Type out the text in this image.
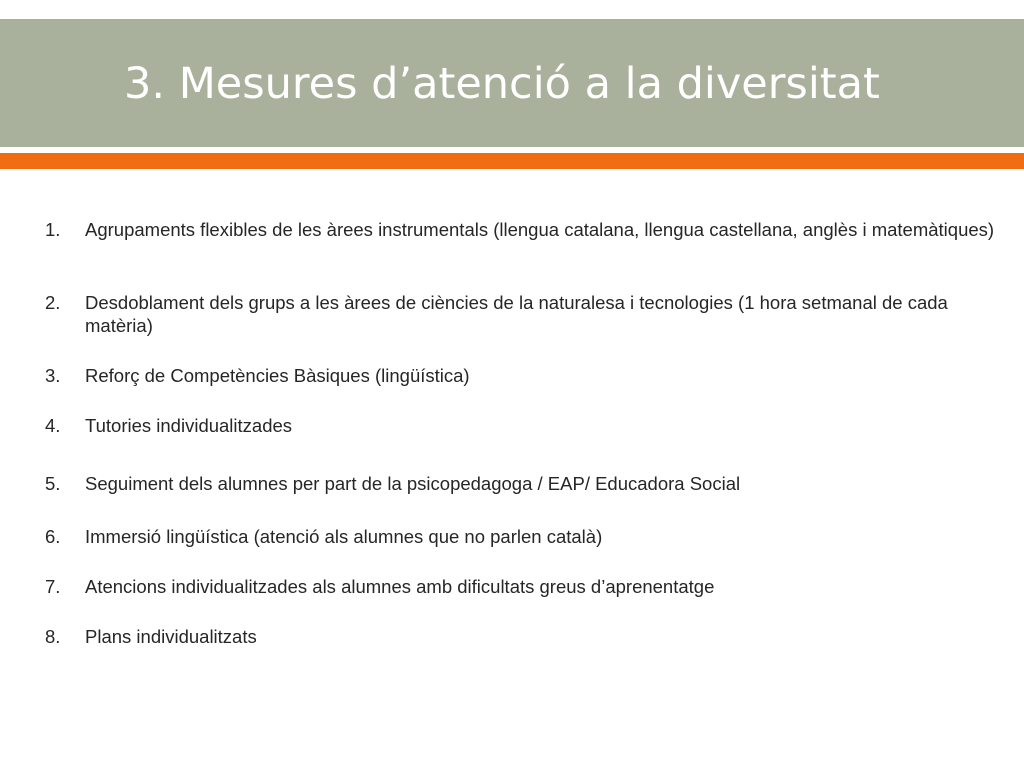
3. Mesures d’atenció a la diversitat
1.	Agrupaments flexibles de les àrees instrumentals (llengua catalana, llengua castellana, anglès i matemàtiques)
2.	Desdoblament dels grups a les àrees de ciències de la naturalesa i tecnologies (1 hora setmanal de cada matèria)
3.	Reforç de Competències Bàsiques (lingüística)
4.	Tutories individualitzades
5.	Seguiment dels alumnes per part de la psicopedagoga / EAP/ Educadora Social
6.	Immersió lingüística (atenció als alumnes que no parlen català)
7.	Atencions individualitzades als alumnes amb dificultats greus d’aprenentatge
8.	Plans individualitzats
